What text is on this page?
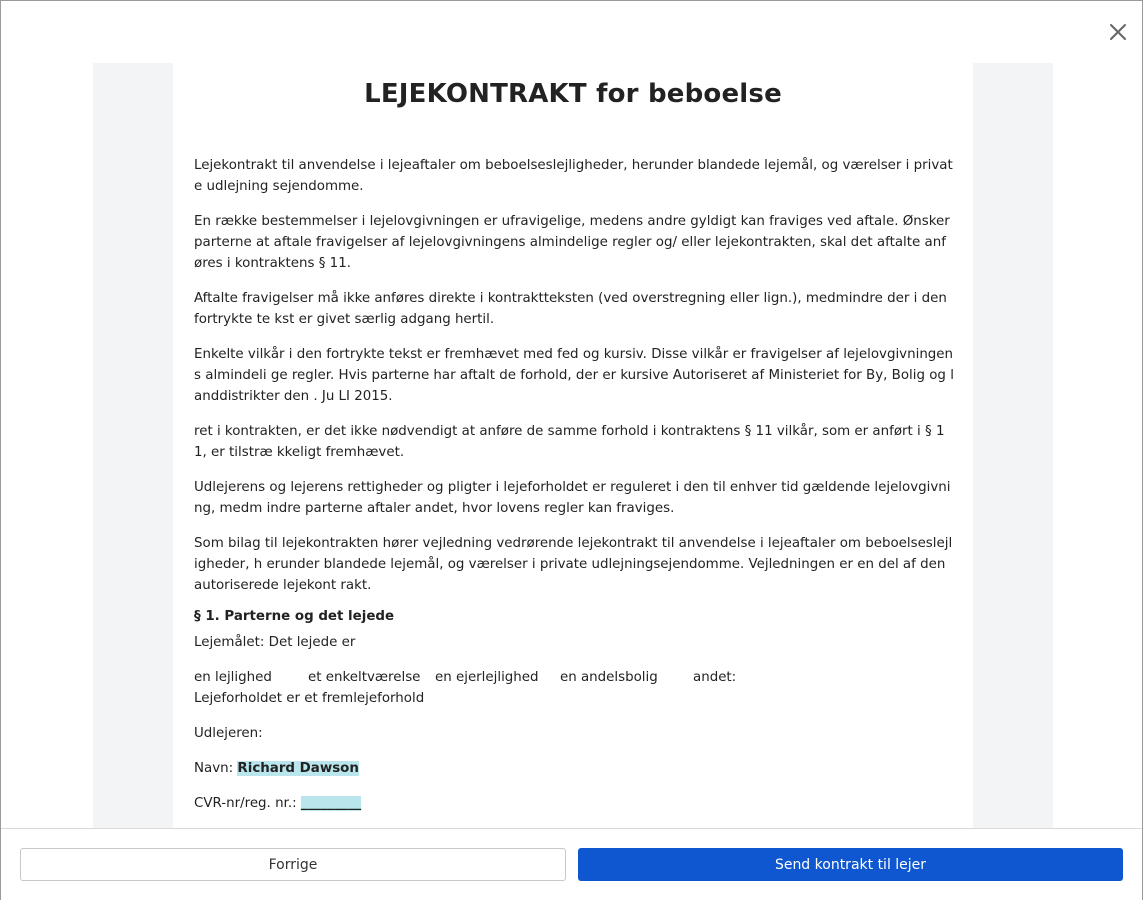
LEJEKONTRAKT for beboelse

Lejekontrakt til anvendelse i lejeaftaler om beboelseslejligheder, herunder blandede lejemål, og værelser i private udlejning sejendomme.

En række bestemmelser i lejelovgivningen er ufravigelige, medens andre gyldigt kan fraviges ved aftale. Ønsker parterne at aftale fravigelser af lejelovgivningens almindelige regler og/ eller lejekontrakten, skal det aftalte anføres i kontraktens § 11.

Aftalte fravigelser må ikke anføres direkte i kontraktteksten (ved overstregning eller lign.), medmindre der i den fortrykte te kst er givet særlig adgang hertil.

Enkelte vilkår i den fortrykte tekst er fremhævet med fed og kursiv. Disse vilkår er fravigelser af lejelovgivningens almindeli ge regler. Hvis parterne har aftalt de forhold, der er kursive Autoriseret af Ministeriet for By, Bolig og landdistrikter den . Ju LI 2015.

ret i kontrakten, er det ikke nødvendigt at anføre de samme forhold i kontraktens § 11 vilkår, som er anført i § 11, er tilstræ kkeligt fremhævet.

Udlejerens og lejerens rettigheder og pligter i lejeforholdet er reguleret i den til enhver tid gældende lejelovgivning, medm indre parterne aftaler andet, hvor lovens regler kan fraviges.

Som bilag til lejekontrakten hører vejledning vedrørende lejekontrakt til anvendelse i lejeaftaler om beboelseslejligheder, h erunder blandede lejemål, og værelser i private udlejningsejendomme. Vejledningen er en del af den autoriserede lejekont rakt.

§ 1. Parterne og det lejede
Lejemålet: Det lejede er
en lejlighed	et enkeltværelse	en ejerlejlighed	en andelsbolig	andet:
Lejeforholdet er et fremlejeforhold
Udlejeren:
Navn: Richard Dawson
CVR-nr/reg. nr.: _________
Forrige	Send kontrakt til lejer
